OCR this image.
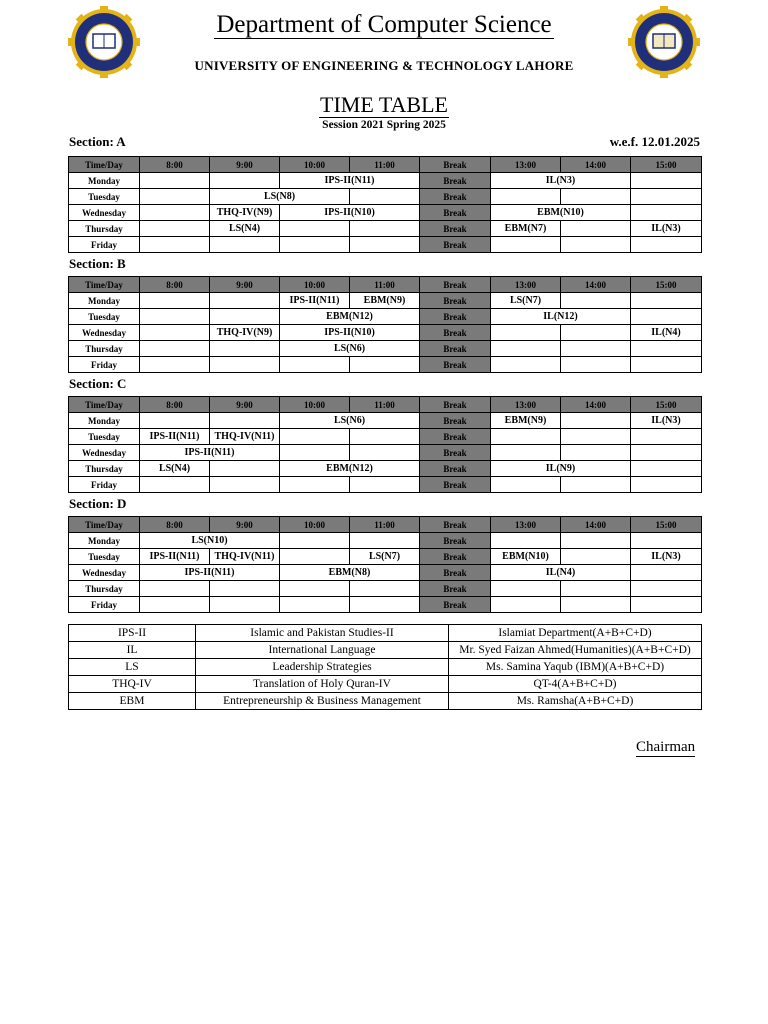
Department of Computer Science
UNIVERSITY OF ENGINEERING & TECHNOLOGY LAHORE
TIME TABLE
Session 2021 Spring 2025
w.e.f. 12.01.2025
Section: A
Section: B
Section: C
Section: D
Time/Day	8:00	9:00	10:00	11:00	Break	13:00	14:00	15:00
Monday			IPS-II(N11)		Break	IL(N3)		
Tuesday		LS(N8)			Break			
Wednesday		THQ-IV(N9)	IPS-II(N10)		Break	EBM(N10)		
Thursday		LS(N4)			Break	EBM(N7)		IL(N3)
Friday					Break			
Time/Day	8:00	9:00	10:00	11:00	Break	13:00	14:00	15:00
Monday			IPS-II(N11)	EBM(N9)	Break	LS(N7)		
Tuesday			EBM(N12)		Break	IL(N12)		
Wednesday		THQ-IV(N9)	IPS-II(N10)		Break			IL(N4)
Thursday			LS(N6)		Break			
Friday					Break			
Time/Day	8:00	9:00	10:00	11:00	Break	13:00	14:00	15:00
Monday			LS(N6)		Break	EBM(N9)		IL(N3)
Tuesday	IPS-II(N11)	THQ-IV(N11)			Break			
Wednesday	IPS-II(N11)				Break			
Thursday	LS(N4)		EBM(N12)		Break	IL(N9)		
Friday					Break			
Time/Day	8:00	9:00	10:00	11:00	Break	13:00	14:00	15:00
Monday	LS(N10)				Break			
Tuesday	IPS-II(N11)	THQ-IV(N11)		LS(N7)	Break	EBM(N10)		IL(N3)
Wednesday	IPS-II(N11)		EBM(N8)		Break	IL(N4)		
Thursday					Break			
Friday					Break			
IPS-II	Islamic and Pakistan Studies-II	Islamiat Department(A+B+C+D)
IL	International Language	Mr. Syed Faizan Ahmed(Humanities)(A+B+C+D)
LS	Leadership Strategies	Ms. Samina Yaqub (IBM)(A+B+C+D)
THQ-IV	Translation of Holy Quran-IV	QT-4(A+B+C+D)
EBM	Entrepreneurship & Business Management	Ms. Ramsha(A+B+C+D)
Chairman
